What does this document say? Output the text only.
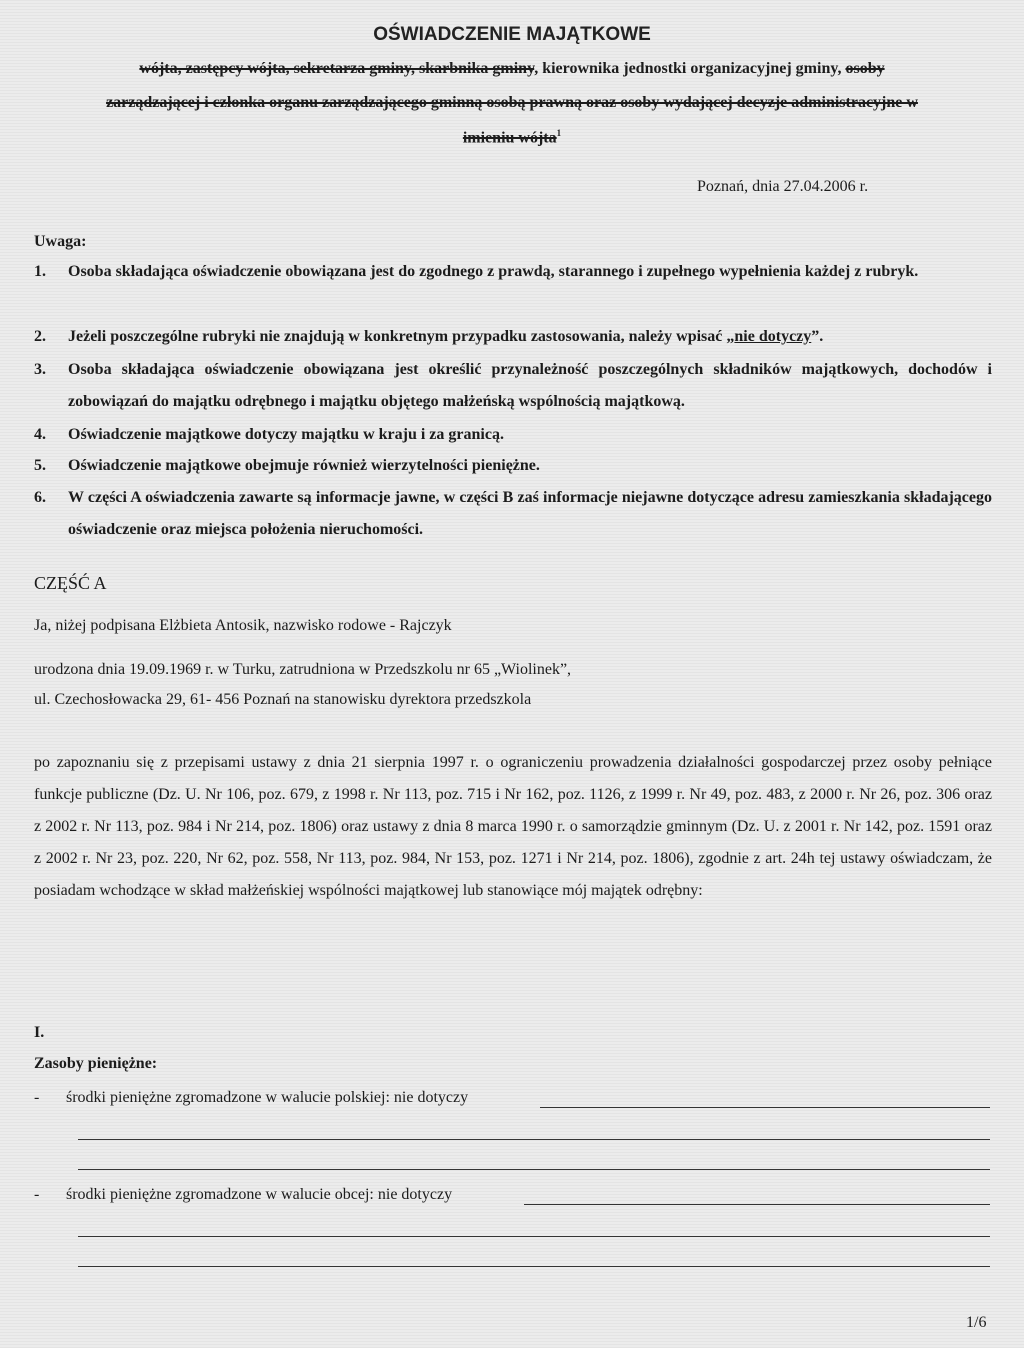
OŚWIADCZENIE MAJĄTKOWE
wójta, zastępcy wójta, sekretarza gminy, skarbnika gminy, kierownika jednostki organizacyjnej gminy, osoby
zarządzającej i członka organu zarządzającego gminną osobą prawną oraz osoby wydającej decyzje administracyjne w
imieniu wójta$^1$
Poznań, dnia 27.04.2006 r.
Uwaga:
1. Osoba składająca oświadczenie obowiązana jest do zgodnego z prawdą, starannego i zupełnego wypełnienia każdej z rubryk.
2. Jeżeli poszczególne rubryki nie znajdują w konkretnym przypadku zastosowania, należy wpisać „nie dotyczy”.
3. Osoba składająca oświadczenie obowiązana jest określić przynależność poszczególnych składników majątkowych, dochodów i zobowiązań do majątku odrębnego i majątku objętego małżeńską wspólnością majątkową.
4. Oświadczenie majątkowe dotyczy majątku w kraju i za granicą.
5. Oświadczenie majątkowe obejmuje również wierzytelności pieniężne.
6. W części A oświadczenia zawarte są informacje jawne, w części B zaś informacje niejawne dotyczące adresu zamieszkania składającego oświadczenie oraz miejsca położenia nieruchomości.
CZĘŚĆ A
Ja, niżej podpisana Elżbieta Antosik, nazwisko rodowe - Rajczyk
urodzona dnia 19.09.1969 r. w Turku, zatrudniona w Przedszkolu nr 65 „Wiolinek”,
ul. Czechosłowacka 29, 61- 456 Poznań na stanowisku dyrektora przedszkola
po zapoznaniu się z przepisami ustawy z dnia 21 sierpnia 1997 r. o ograniczeniu prowadzenia działalności gospodarczej przez osoby pełniące funkcje publiczne (Dz. U. Nr 106, poz. 679, z 1998 r. Nr 113, poz. 715 i Nr 162, poz. 1126, z 1999 r. Nr 49, poz. 483, z 2000 r. Nr 26, poz. 306 oraz z 2002 r. Nr 113, poz. 984 i Nr 214, poz. 1806) oraz ustawy z dnia 8 marca 1990 r. o samorządzie gminnym (Dz. U. z 2001 r. Nr 142, poz. 1591 oraz z 2002 r. Nr 23, poz. 220, Nr 62, poz. 558, Nr 113, poz. 984, Nr 153, poz. 1271 i Nr 214, poz. 1806), zgodnie z art. 24h tej ustawy oświadczam, że posiadam wchodzące w skład małżeńskiej wspólności majątkowej lub stanowiące mój majątek odrębny:
I.
Zasoby pieniężne:
- środki pieniężne zgromadzone w walucie polskiej: nie dotyczy
- środki pieniężne zgromadzone w walucie obcej: nie dotyczy
1/6
